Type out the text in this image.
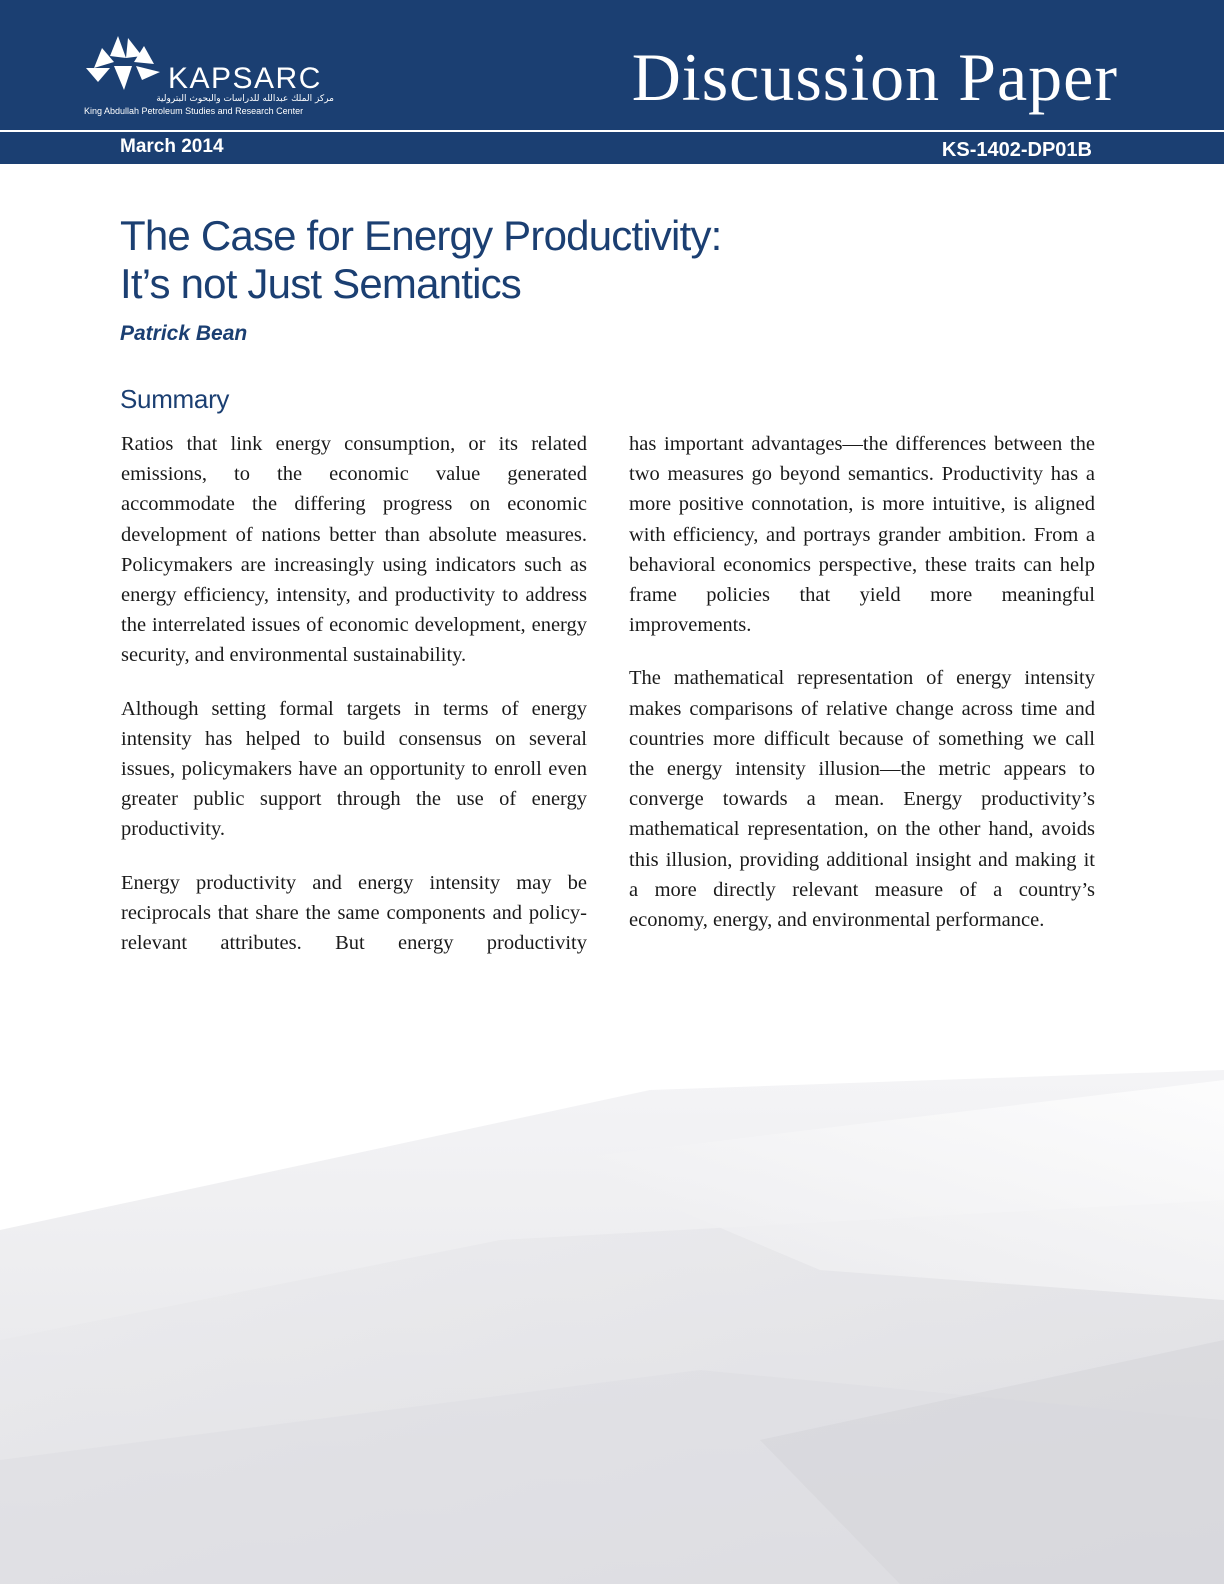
KAPSARC
مركز الملك عبدالله للدراسات والبحوث البترولية
King Abdullah Petroleum Studies and Research Center	Discussion Paper
March 2014	KS-1402-DP01B
The Case for Energy Productivity:
It’s not Just Semantics
Patrick Bean
Summary

Ratios that link energy consumption, or its related emissions, to the economic value generated accommodate the differing progress on economic development of nations better than absolute measures. Policymakers are increasingly using indicators such as energy efficiency, intensity, and productivity to address the interrelated issues of economic development, energy security, and environmental sustainability.

Although setting formal targets in terms of energy intensity has helped to build consensus on several issues, policymakers have an opportunity to enroll even greater public support through the use of energy productivity.

Energy productivity and energy intensity may be reciprocals that share the same components and policy-relevant attributes. But energy productivity

has important advantages—the differences between the two measures go beyond semantics. Productivity has a more positive connotation, is more intuitive, is aligned with efficiency, and portrays grander ambition. From a behavioral economics perspective, these traits can help frame policies that yield more meaningful improvements.

The mathematical representation of energy intensity makes comparisons of relative change across time and countries more difficult because of something we call the energy intensity illusion—the metric appears to converge towards a mean. Energy productivity’s mathematical representation, on the other hand, avoids this illusion, providing additional insight and making it a more directly relevant measure of a country’s economy, energy, and environmental performance.
